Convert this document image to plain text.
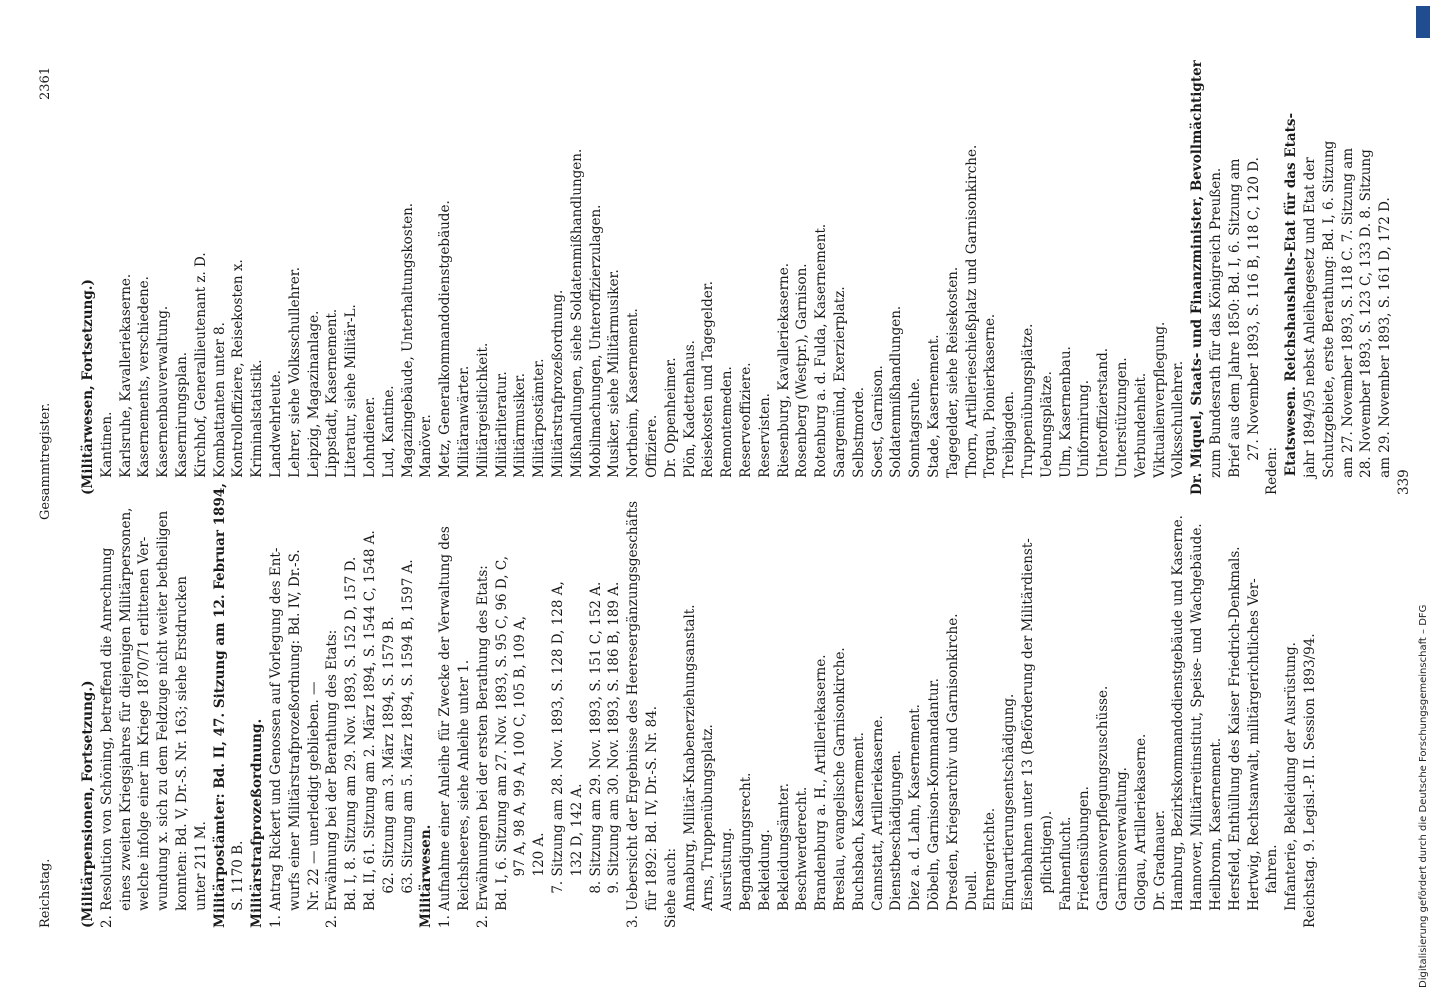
Reichstag.
Gesammtregister.
2361
(Militärpensionen, Fortsetzung.) 2. Resolution von Schöning, betreffend die Anrechnung eines zweiten Kriegsjahres für diejenigen Militärpersonen, welche infolge einer im Kriege 1870/71 erlittenen Ver- wundung x. sich zu dem Feldzuge nicht weiter betheiligen konnten: Bd. V, Dr.-S. Nr. 163; siehe Erstdrucken unter 211 M. Militärpostämter: Bd. II, 47. Sitzung am 12. Februar 1894, S. 1170 B. Militärstrafprozeßordnung. 1. Antrag Rickert und Genossen auf Vorlegung des Ent- wurfs einer Militärstrafprozeßordnung: Bd. IV, Dr.-S. Nr. 22 — unerledigt geblieben. — 2. Erwähnung bei der Berathung des Etats: Bd. I, 8. Sitzung am 29. Nov. 1893, S. 152 D, 157 D. Bd. II, 61. Sitzung am 2. März 1894, S. 1544 C, 1548 A. 62. Sitzung am 3. März 1894, S. 1579 B. 63. Sitzung am 5. März 1894, S. 1594 B, 1597 A. Militärwesen. 1. Aufnahme einer Anleihe für Zwecke der Verwaltung des Reichsheeres, siehe Anleihe unter 1. 2. Erwähnungen bei der ersten Berathung des Etats: Bd. I, 6. Sitzung am 27. Nov. 1893, S. 95 C, 96 D, C, 97 A, 98 A, 99 A, 100 C, 105 B, 109 A, 120 A. 7. Sitzung am 28. Nov. 1893, S. 128 D, 128 A, 132 D, 142 A. 8. Sitzung am 29. Nov. 1893, S. 151 C, 152 A. 9. Sitzung am 30. Nov. 1893, S. 186 B, 189 A. 3. Uebersicht der Ergebnisse des Heeresergänzungsgeschäfts für 1892: Bd. IV, Dr.-S. Nr. 84. Siehe auch: Annaburg, Militär-Knabenerziehungsanstalt. Arns, Truppenübungsplatz. Ausrüstung. Begnadigungsrecht. Bekleidung. Bekleidungsämter. Beschwerderecht. Brandenburg a. H., Artilleriekaserne. Breslau, evangelische Garnisonkirche. Buchsbach, Kasernement. Cannstatt, Artilleriekaserne. Dienstbeschädigungen. Diez a. d. Lahn, Kasernement. Döbeln, Garnison-Kommandantur. Dresden, Kriegsarchiv und Garnisonkirche. Duell. Ehrengerichte. Einquartierungsentschädigung. Eisenbahnen unter 13 (Beförderung der Militärdienst- pflichtigen). Fahnenflucht. Friedensübungen. Garnisonverpflegungszuschüsse. Garnisonverwaltung. Glogau, Artilleriekaserne. Dr. Gradnauer. Hamburg, Bezirkskommandodienstgebäude und Kaserne. Hannover, Militärreitinstitut, Speise- und Wachgebäude. Heilbronn, Kasernement. Hersfeld, Enthüllung des Kaiser Friedrich-Denkmals. Hertwig, Rechtsanwalt, militärgerichtliches Ver- fahren. Infanterie, Bekleidung der Ausrüstung. Reichstag. 9. Legisl.-P. II. Session 1893/94.
(Militärwesen, Fortsetzung.) Kantinen. Karlsruhe, Kavalleriekaserne. Kasernements, verschiedene. Kasernenbauverwaltung. Kasernirungsplan. Kirchhof, Generallieutenant z. D. Kombattanten unter 8. Kontrolloffiziere, Reisekosten x. Kriminalstatistik. Landwehrleute. Lehrer, siehe Volksschullehrer. Leipzig, Magazinanlage. Lippstadt, Kasernement. Literatur, siehe Militär-L. Lohndiener. Lud, Kantine. Magazingebäude, Unterhaltungskosten. Manöver. Metz, Generalkommandodienstgebäude. Militäranwärter. Militärgeistlichkeit. Militärliteratur. Militärmusiker. Militärpostämter. Militärstrafprozeßordnung. Mißhandlungen, siehe Soldatenmißhandlungen. Mobilmachungen, Unteroffizierzulagen. Musiker, siehe Militärmusiker. Northeim, Kasernement. Offiziere. Dr. Oppenheimer. Plön, Kadettenhaus. Reisekosten und Tagegelder. Remontemeden. Reserveoffiziere. Reservisten. Riesenburg, Kavalleriekaserne. Rosenberg (Westpr.), Garnison. Rotenburg a. d. Fulda, Kasernement. Saargemünd, Exerzierplatz. Selbstmorde. Soest, Garnison. Soldatenmißhandlungen. Sonntagsruhe. Stade, Kasernement. Tagegelder, siehe Reisekosten. Thorn, Artillerieschießplatz und Garnisonkirche. Torgau, Pionierkaserne. Treibjagden. Truppenübungsplätze. Uebungsplätze. Ulm, Kasernenbau. Uniformirung. Unteroffizierstand. Unterstützungen. Verbundenheit. Viktualienverpflegung. Volksschullehrer. Dr. Miquel, Staats- und Finanzminister, Bevollmächtigter zum Bundesrath für das Königreich Preußen. Brief aus dem Jahre 1850: Bd. I, 6. Sitzung am 27. November 1893, S. 116 B, 118 C, 120 D. Reden: Etatswesen. Reichshaushalts-Etat für das Etats- jahr 1894/95 nebst Anleihegesetz und Etat der Schutzgebiete, erste Berathung: Bd. I, 6. Sitzung am 27. November 1893, S. 118 C. 7. Sitzung am 28. November 1893, S. 123 C, 133 D. 8. Sitzung am 29. November 1893, S. 161 D, 172 D. 339
Digitalisierung gefördert durch die Deutsche Forschungsgemeinschaft – DFG
